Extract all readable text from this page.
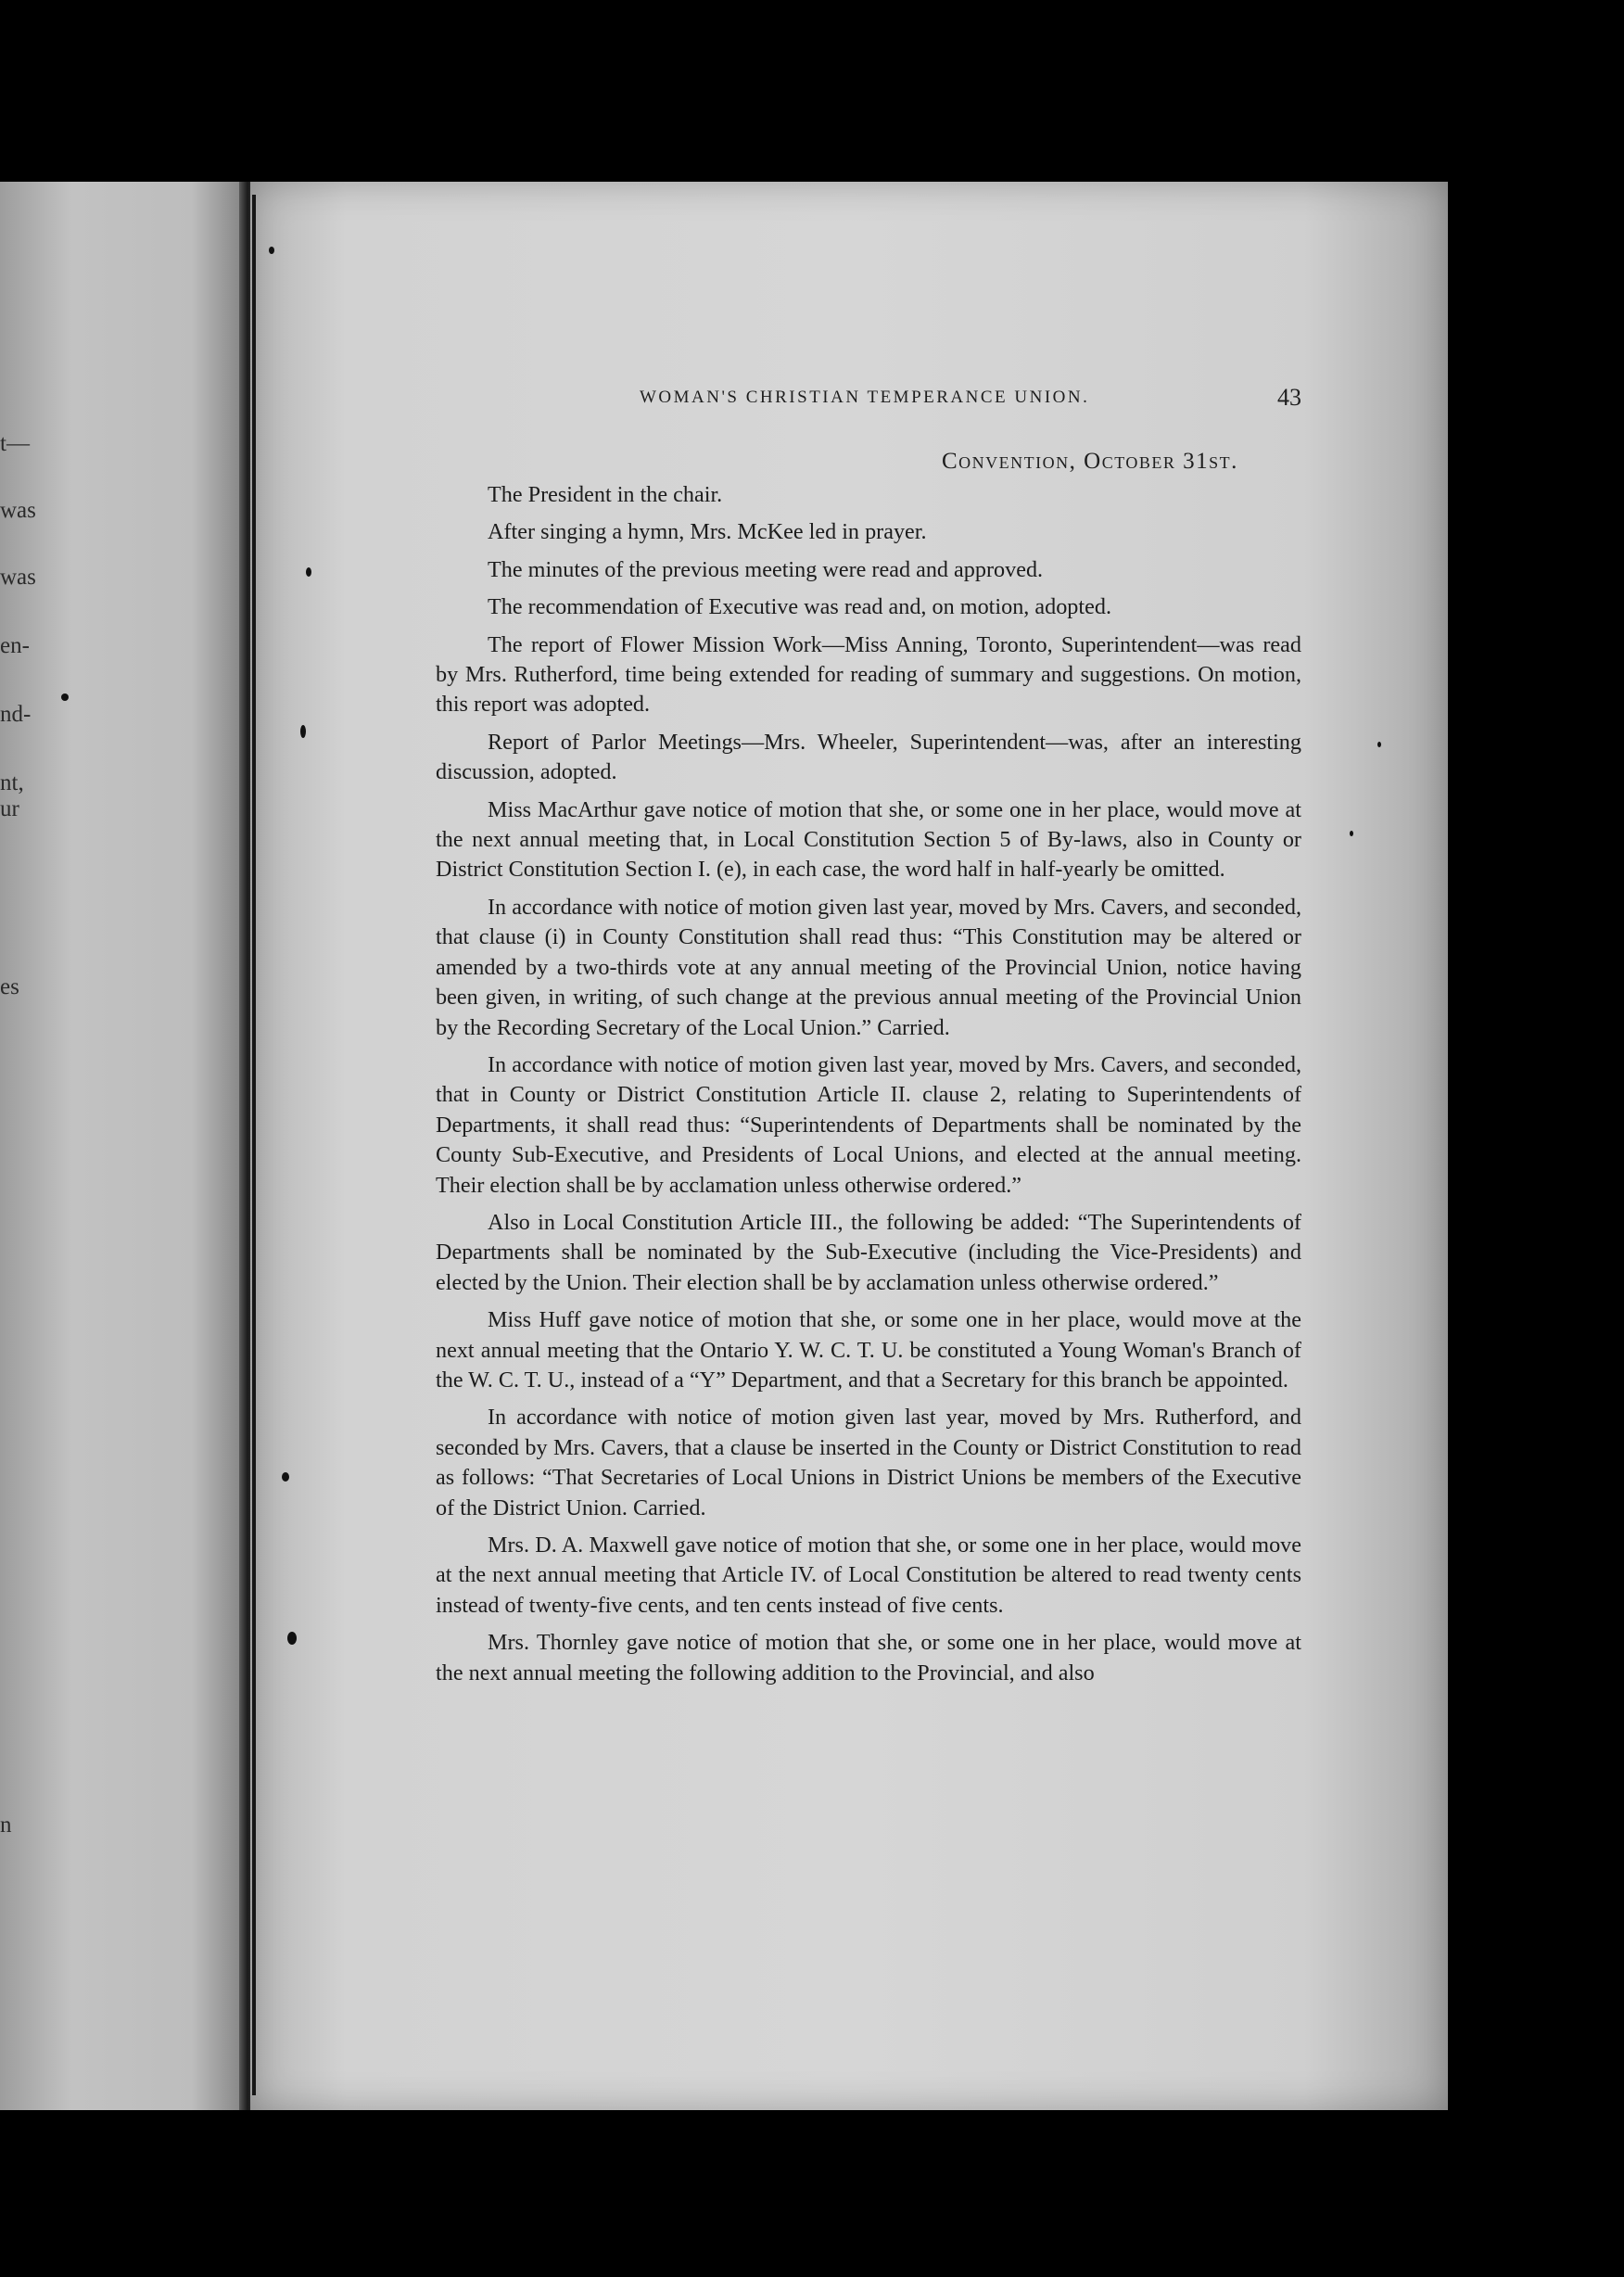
t—
was
was
en-
nd-
nt,
ur
es
n
WOMAN'S CHRISTIAN TEMPERANCE UNION.	43
Convention, October 31st.

The President in the chair.

After singing a hymn, Mrs. McKee led in prayer.

The minutes of the previous meeting were read and approved.

The recommendation of Executive was read and, on motion, adopted.

The report of Flower Mission Work—Miss Anning, Toronto, Superintendent—was read by Mrs. Rutherford, time being extended for reading of summary and suggestions. On motion, this report was adopted.

Report of Parlor Meetings—Mrs. Wheeler, Superintendent—was, after an interesting discussion, adopted.

Miss MacArthur gave notice of motion that she, or some one in her place, would move at the next annual meeting that, in Local Constitution Section 5 of By-laws, also in County or District Constitution Section I. (e), in each case, the word half in half-yearly be omitted.

In accordance with notice of motion given last year, moved by Mrs. Cavers, and seconded, that clause (i) in County Constitution shall read thus: “This Constitution may be altered or amended by a two-thirds vote at any annual meeting of the Provincial Union, notice having been given, in writing, of such change at the previous annual meeting of the Provincial Union by the Recording Secretary of the Local Union.” Carried.

In accordance with notice of motion given last year, moved by Mrs. Cavers, and seconded, that in County or District Constitution Article II. clause 2, relating to Superintendents of Departments, it shall read thus: “Superintendents of Departments shall be nominated by the County Sub-Executive, and Presidents of Local Unions, and elected at the annual meeting. Their election shall be by acclamation unless otherwise ordered.”

Also in Local Constitution Article III., the following be added: “The Superintendents of Departments shall be nominated by the Sub-Executive (including the Vice-Presidents) and elected by the Union. Their election shall be by acclamation unless otherwise ordered.”

Miss Huff gave notice of motion that she, or some one in her place, would move at the next annual meeting that the Ontario Y. W. C. T. U. be constituted a Young Woman's Branch of the W. C. T. U., instead of a “Y” Department, and that a Secretary for this branch be appointed.

In accordance with notice of motion given last year, moved by Mrs. Rutherford, and seconded by Mrs. Cavers, that a clause be inserted in the County or District Constitution to read as follows: “That Secretaries of Local Unions in District Unions be members of the Executive of the District Union. Carried.

Mrs. D. A. Maxwell gave notice of motion that she, or some one in her place, would move at the next annual meeting that Article IV. of Local Constitution be altered to read twenty cents instead of twenty-five cents, and ten cents instead of five cents.

Mrs. Thornley gave notice of motion that she, or some one in her place, would move at the next annual meeting the following addition to the Provincial, and also
